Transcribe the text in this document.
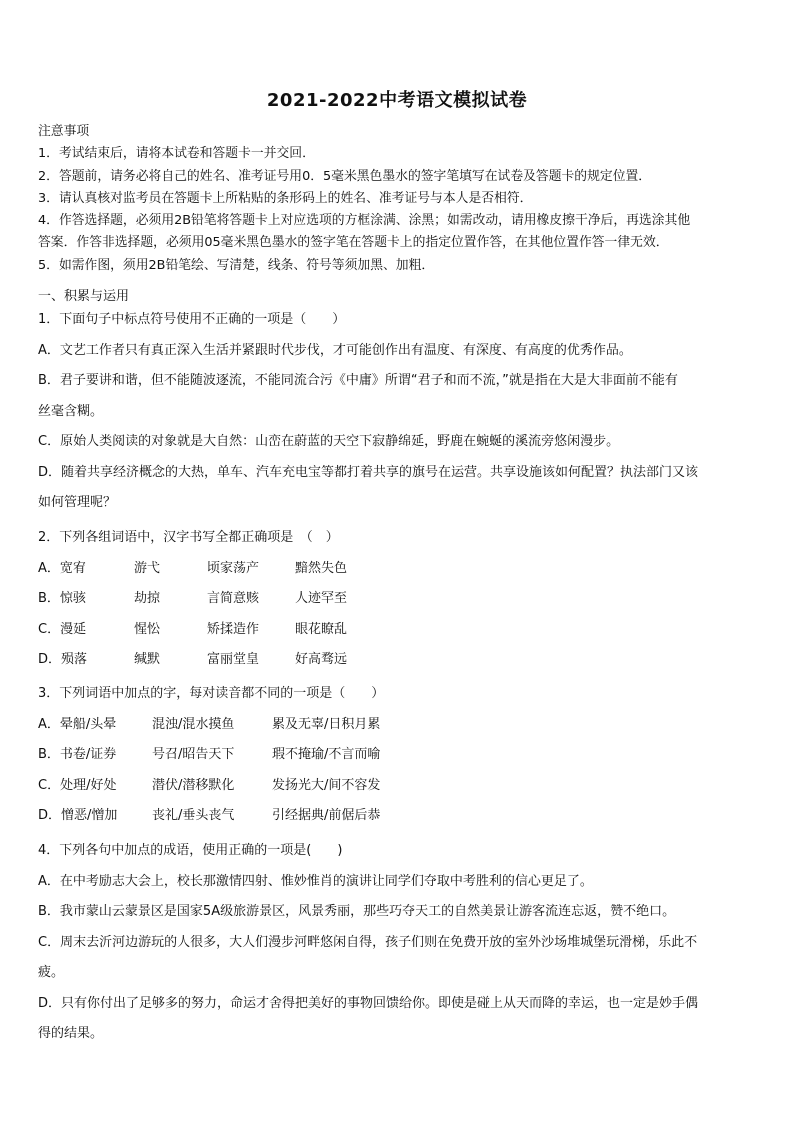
2021-2022中考语文模拟试卷
注意事项
1．考试结束后，请将本试卷和答题卡一并交回．
2．答题前，请务必将自己的姓名、准考证号用0．5毫米黑色墨水的签字笔填写在试卷及答题卡的规定位置．
3．请认真核对监考员在答题卡上所粘贴的条形码上的姓名、准考证号与本人是否相符．
4．作答选择题，必须用2B铅笔将答题卡上对应选项的方框涂满、涂黑；如需改动，请用橡皮擦干净后，再选涂其他
答案．作答非选择题，必须用05毫米黑色墨水的签字笔在答题卡上的指定位置作答，在其他位置作答一律无效．
5．如需作图，须用2B铅笔绘、写清楚，线条、符号等须加黑、加粗．
一、积累与运用
1．下面句子中标点符号使用不正确的一项是（　　）
A．文艺工作者只有真正深入生活并紧跟时代步伐，才可能创作出有温度、有深度、有高度的优秀作品。
B．君子要讲和谐，但不能随波逐流，不能同流合污《中庸》所谓“君子和而不流，”就是指在大是大非面前不能有
丝毫含糊。
C．原始人类阅读的对象就是大自然：山峦在蔚蓝的天空下寂静绵延，野鹿在蜿蜒的溪流旁悠闲漫步。
D．随着共享经济概念的大热，单车、汽车充电宝等都打着共享的旗号在运营。共享设施该如何配置？执法部门又该
如何管理呢？
2．下列各组词语中，汉字书写全都正确项是　（　）
A．宽宥	游弋	顷家荡产	黯然失色
B．惊骇	劫掠	言简意赅	人迹罕至
C．漫延	惺忪	矫揉造作	眼花瞭乱
D．殒落	缄默	富丽堂皇	好高骛远
3．下列词语中加点的字，每对读音都不同的一项是（　　）
A．晕船/头晕	混浊/混水摸鱼	累及无辜/日积月累
B．书卷/证券	号召/昭告天下	瑕不掩瑜/不言而喻
C．处理/好处	潜伏/潜移默化	发扬光大/间不容发
D．憎恶/憎加	丧礼/垂头丧气	引经据典/前倨后恭
4．下列各句中加点的成语，使用正确的一项是(　　)
A．在中考励志大会上，校长那激情四射、惟妙惟肖的演讲让同学们夺取中考胜利的信心更足了。
B．我市蒙山云蒙景区是国家5A级旅游景区，风景秀丽，那些巧夺天工的自然美景让游客流连忘返，赞不绝口。
C．周末去沂河边游玩的人很多，大人们漫步河畔悠闲自得，孩子们则在免费开放的室外沙场堆城堡玩滑梯，乐此不
疲。
D．只有你付出了足够多的努力，命运才舍得把美好的事物回馈给你。即使是碰上从天而降的幸运，也一定是妙手偶
得的结果。
